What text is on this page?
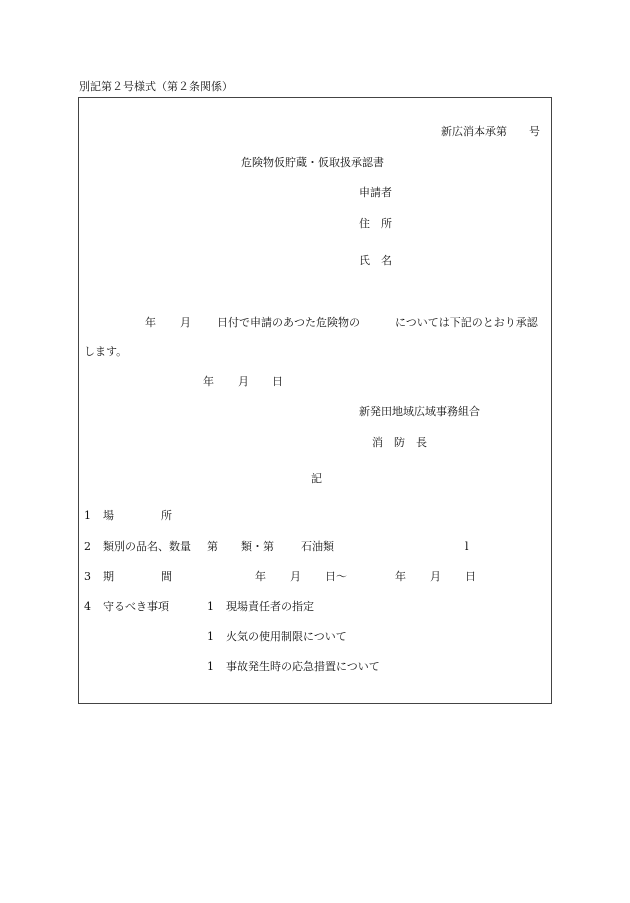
別記第２号様式（第２条関係）
新広消本承第　　号
危険物仮貯蔵・仮取扱承認書
申請者
住　所
氏　名
年 月 日付で申請のあつた危険物の	については下記のとおり承認
します。
年 月 日
新発田地域広域事務組合
消　防　長
記
1 場	所
2 類別の品名、数量 第 類・第 石油類	l
3 期	間	年 月 日～	年 月 日
4 守るべき事項	1 現場責任者の指定
1 火気の使用制限について
1 事故発生時の応急措置について
